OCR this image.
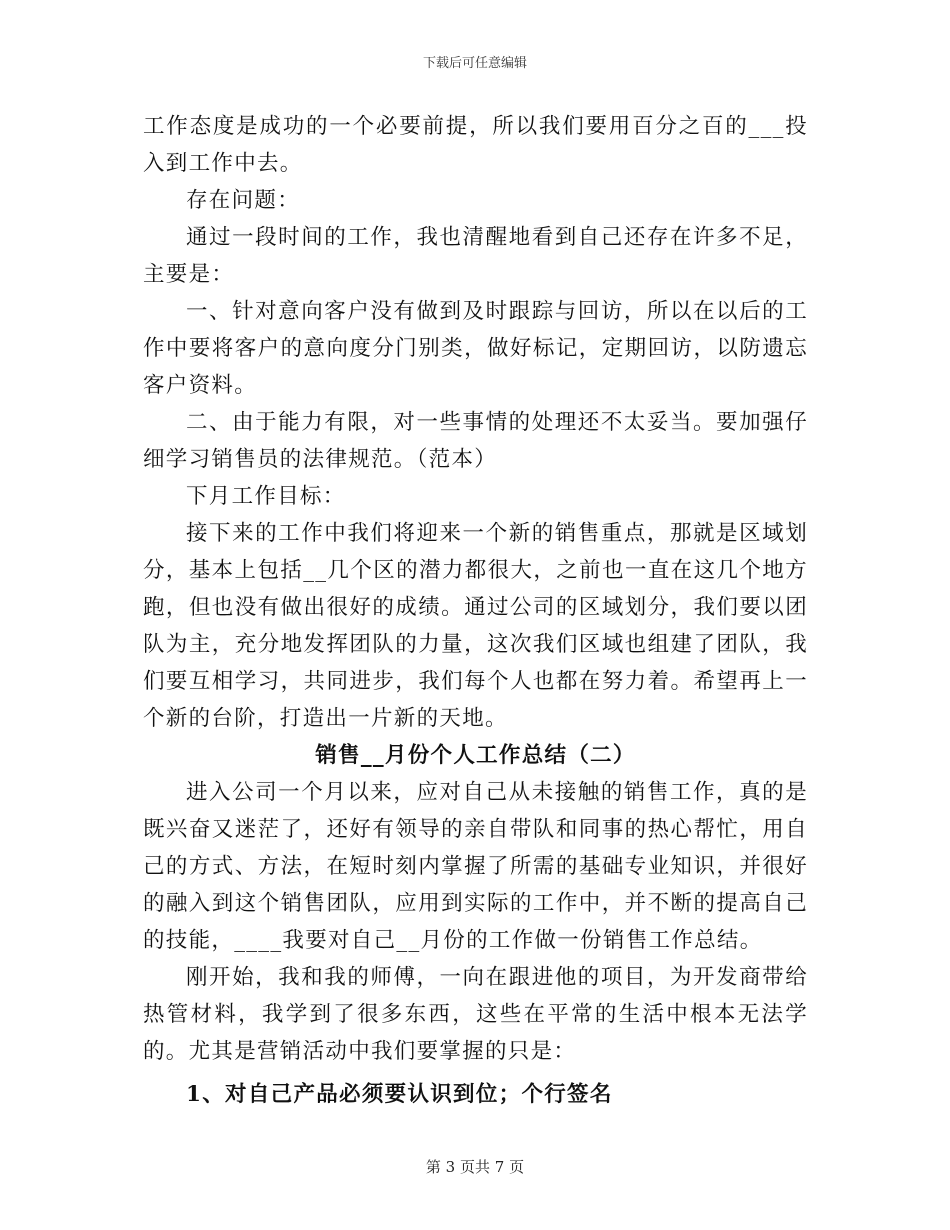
下载后可任意编辑

工作态度是成功的一个必要前提，所以我们要用百分之百的___投入到工作中去。

存在问题：

通过一段时间的工作，我也清醒地看到自己还存在许多不足，主要是：

一、针对意向客户没有做到及时跟踪与回访，所以在以后的工作中要将客户的意向度分门别类，做好标记，定期回访，以防遗忘客户资料。

二、由于能力有限，对一些事情的处理还不太妥当。要加强仔细学习销售员的法律规范。（范本）

下月工作目标：

接下来的工作中我们将迎来一个新的销售重点，那就是区域划分，基本上包括__几个区的潜力都很大，之前也一直在这几个地方跑，但也没有做出很好的成绩。通过公司的区域划分，我们要以团队为主，充分地发挥团队的力量，这次我们区域也组建了团队，我们要互相学习，共同进步，我们每个人也都在努力着。希望再上一个新的台阶，打造出一片新的天地。

销售__月份个人工作总结（二）

进入公司一个月以来，应对自己从未接触的销售工作，真的是既兴奋又迷茫了，还好有领导的亲自带队和同事的热心帮忙，用自己的方式、方法，在短时刻内掌握了所需的基础专业知识，并很好的融入到这个销售团队，应用到实际的工作中，并不断的提高自己的技能，____我要对自己__月份的工作做一份销售工作总结。

刚开始，我和我的师傅，一向在跟进他的项目，为开发商带给热管材料，我学到了很多东西，这些在平常的生活中根本无法学的。尤其是营销活动中我们要掌握的只是：

1、对自己产品必须要认识到位；个行签名

第 3 页共 7 页
